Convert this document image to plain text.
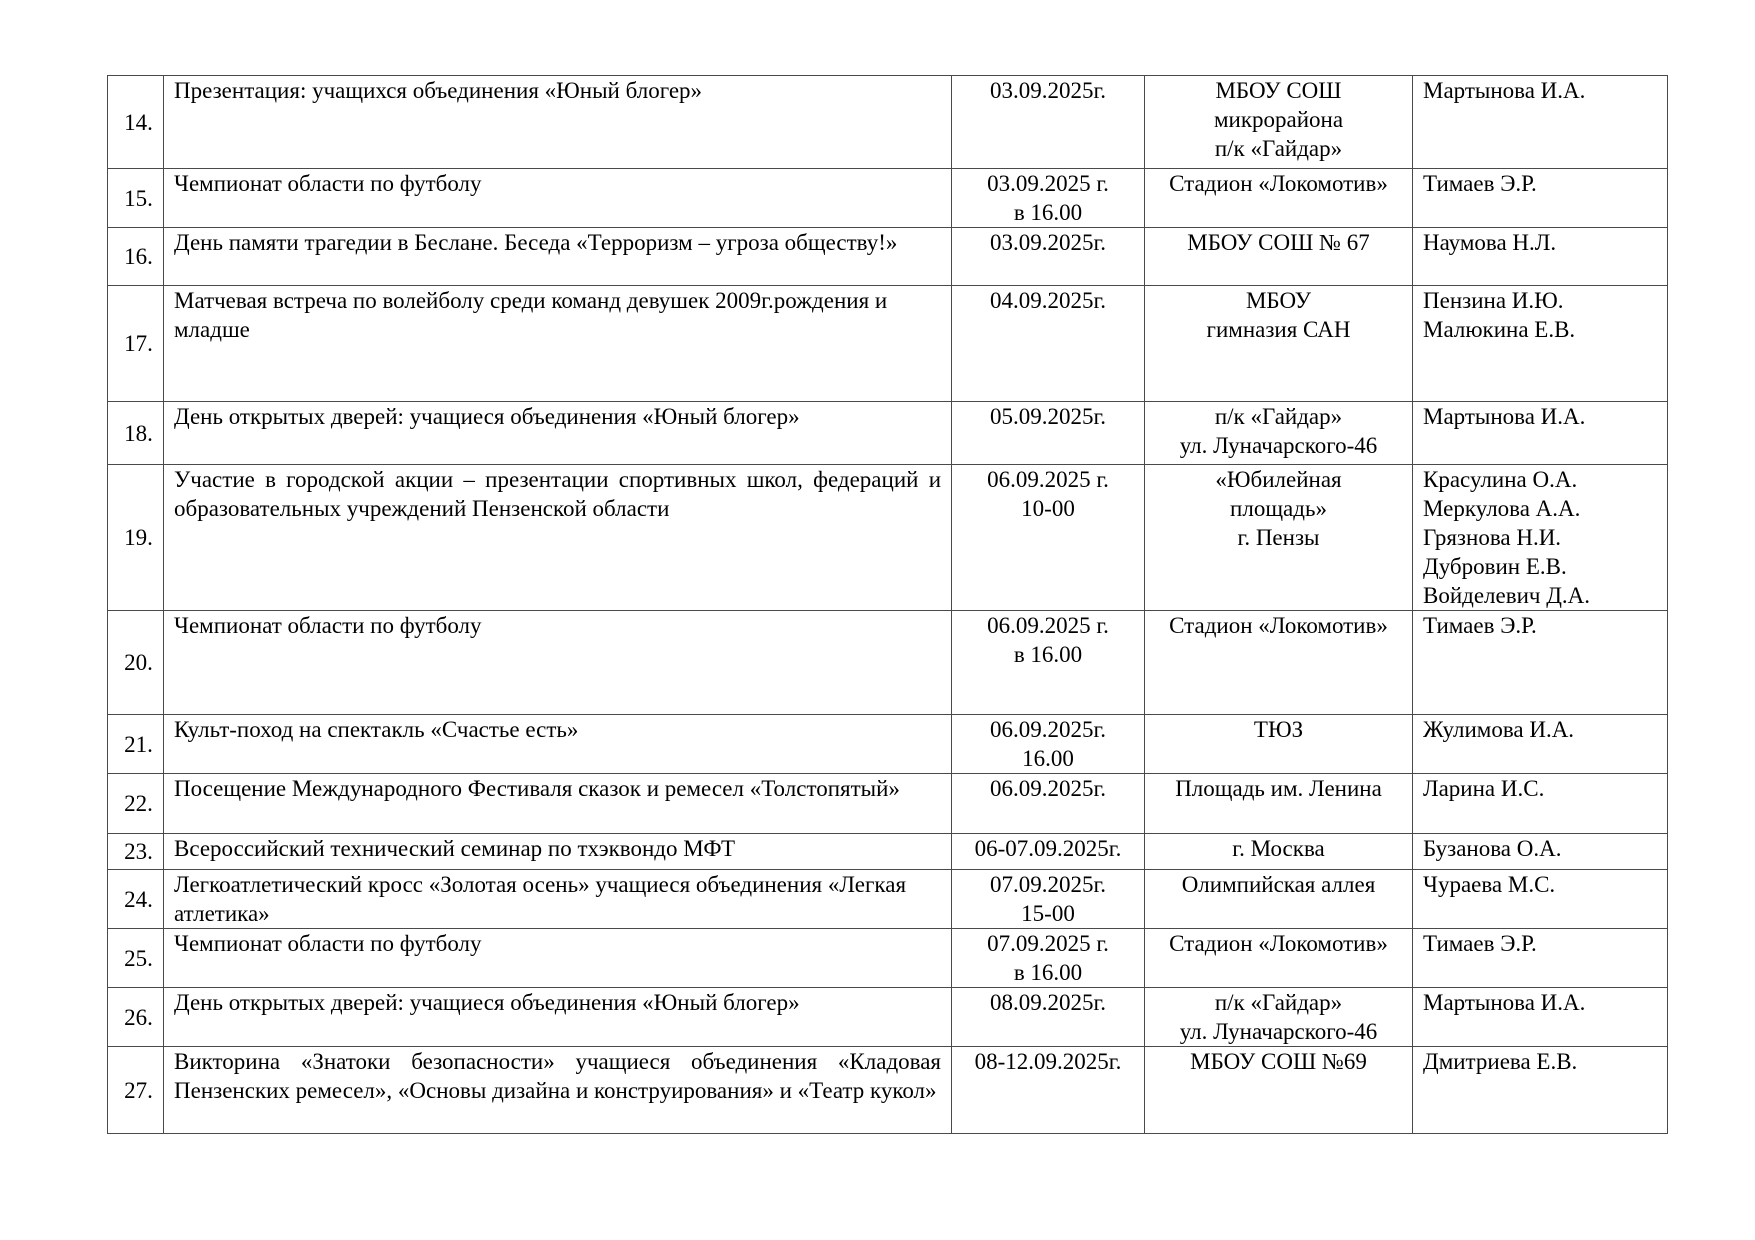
14.	Презентация: учащихся объединения «Юный блогер»	03.09.2025г.	МБОУ СОШ
микрорайона
п/к «Гайдар»	Мартынова И.А.

15.	Чемпионат области по футболу	03.09.2025 г.
в 16.00	Стадион «Локомотив»	Тимаев Э.Р.

16.	День памяти трагедии в Беслане. Беседа «Терроризм – угроза обществу!»	03.09.2025г.	МБОУ СОШ № 67	Наумова Н.Л.

17.	Матчевая встреча по волейболу среди команд девушек 2009г.рождения и младше	04.09.2025г.	МБОУ
гимназия САН	Пензина И.Ю.
Малюкина Е.В.

18.	День открытых дверей: учащиеся объединения «Юный блогер»	05.09.2025г.	п/к «Гайдар»
ул. Луначарского-46	Мартынова И.А.

19.	Участие в городской акции – презентации спортивных школ, федераций и образовательных учреждений Пензенской области	06.09.2025 г.
10-00	«Юбилейная
площадь»
г. Пензы	Красулина О.А.
Меркулова А.А.
Грязнова Н.И.
Дубровин Е.В.
Войделевич Д.А.

20.	Чемпионат области по футболу	06.09.2025 г.
в 16.00	Стадион «Локомотив»	Тимаев Э.Р.

21.	Культ-поход на спектакль «Счастье есть»	06.09.2025г.
16.00	ТЮЗ	Жулимова И.А.

22.	Посещение Международного Фестиваля сказок и ремесел «Толстопятый»	06.09.2025г.	Площадь им. Ленина	Ларина И.С.

23.	Всероссийский технический семинар по тхэквондо МФТ	06-07.09.2025г.	г. Москва	Бузанова О.А.

24.	Легкоатлетический кросс «Золотая осень» учащиеся объединения «Легкая атлетика»	07.09.2025г.
15-00	Олимпийская аллея	Чураева М.С.

25.	Чемпионат области по футболу	07.09.2025 г.
в 16.00	Стадион «Локомотив»	Тимаев Э.Р.

26.	День открытых дверей: учащиеся объединения «Юный блогер»	08.09.2025г.	п/к «Гайдар»
ул. Луначарского-46	Мартынова И.А.

27.	Викторина «Знатоки безопасности» учащиеся объединения «Кладовая Пензенских ремесел», «Основы дизайна и конструирования» и «Театр кукол»	08-12.09.2025г.	МБОУ СОШ №69	Дмитриева Е.В.
